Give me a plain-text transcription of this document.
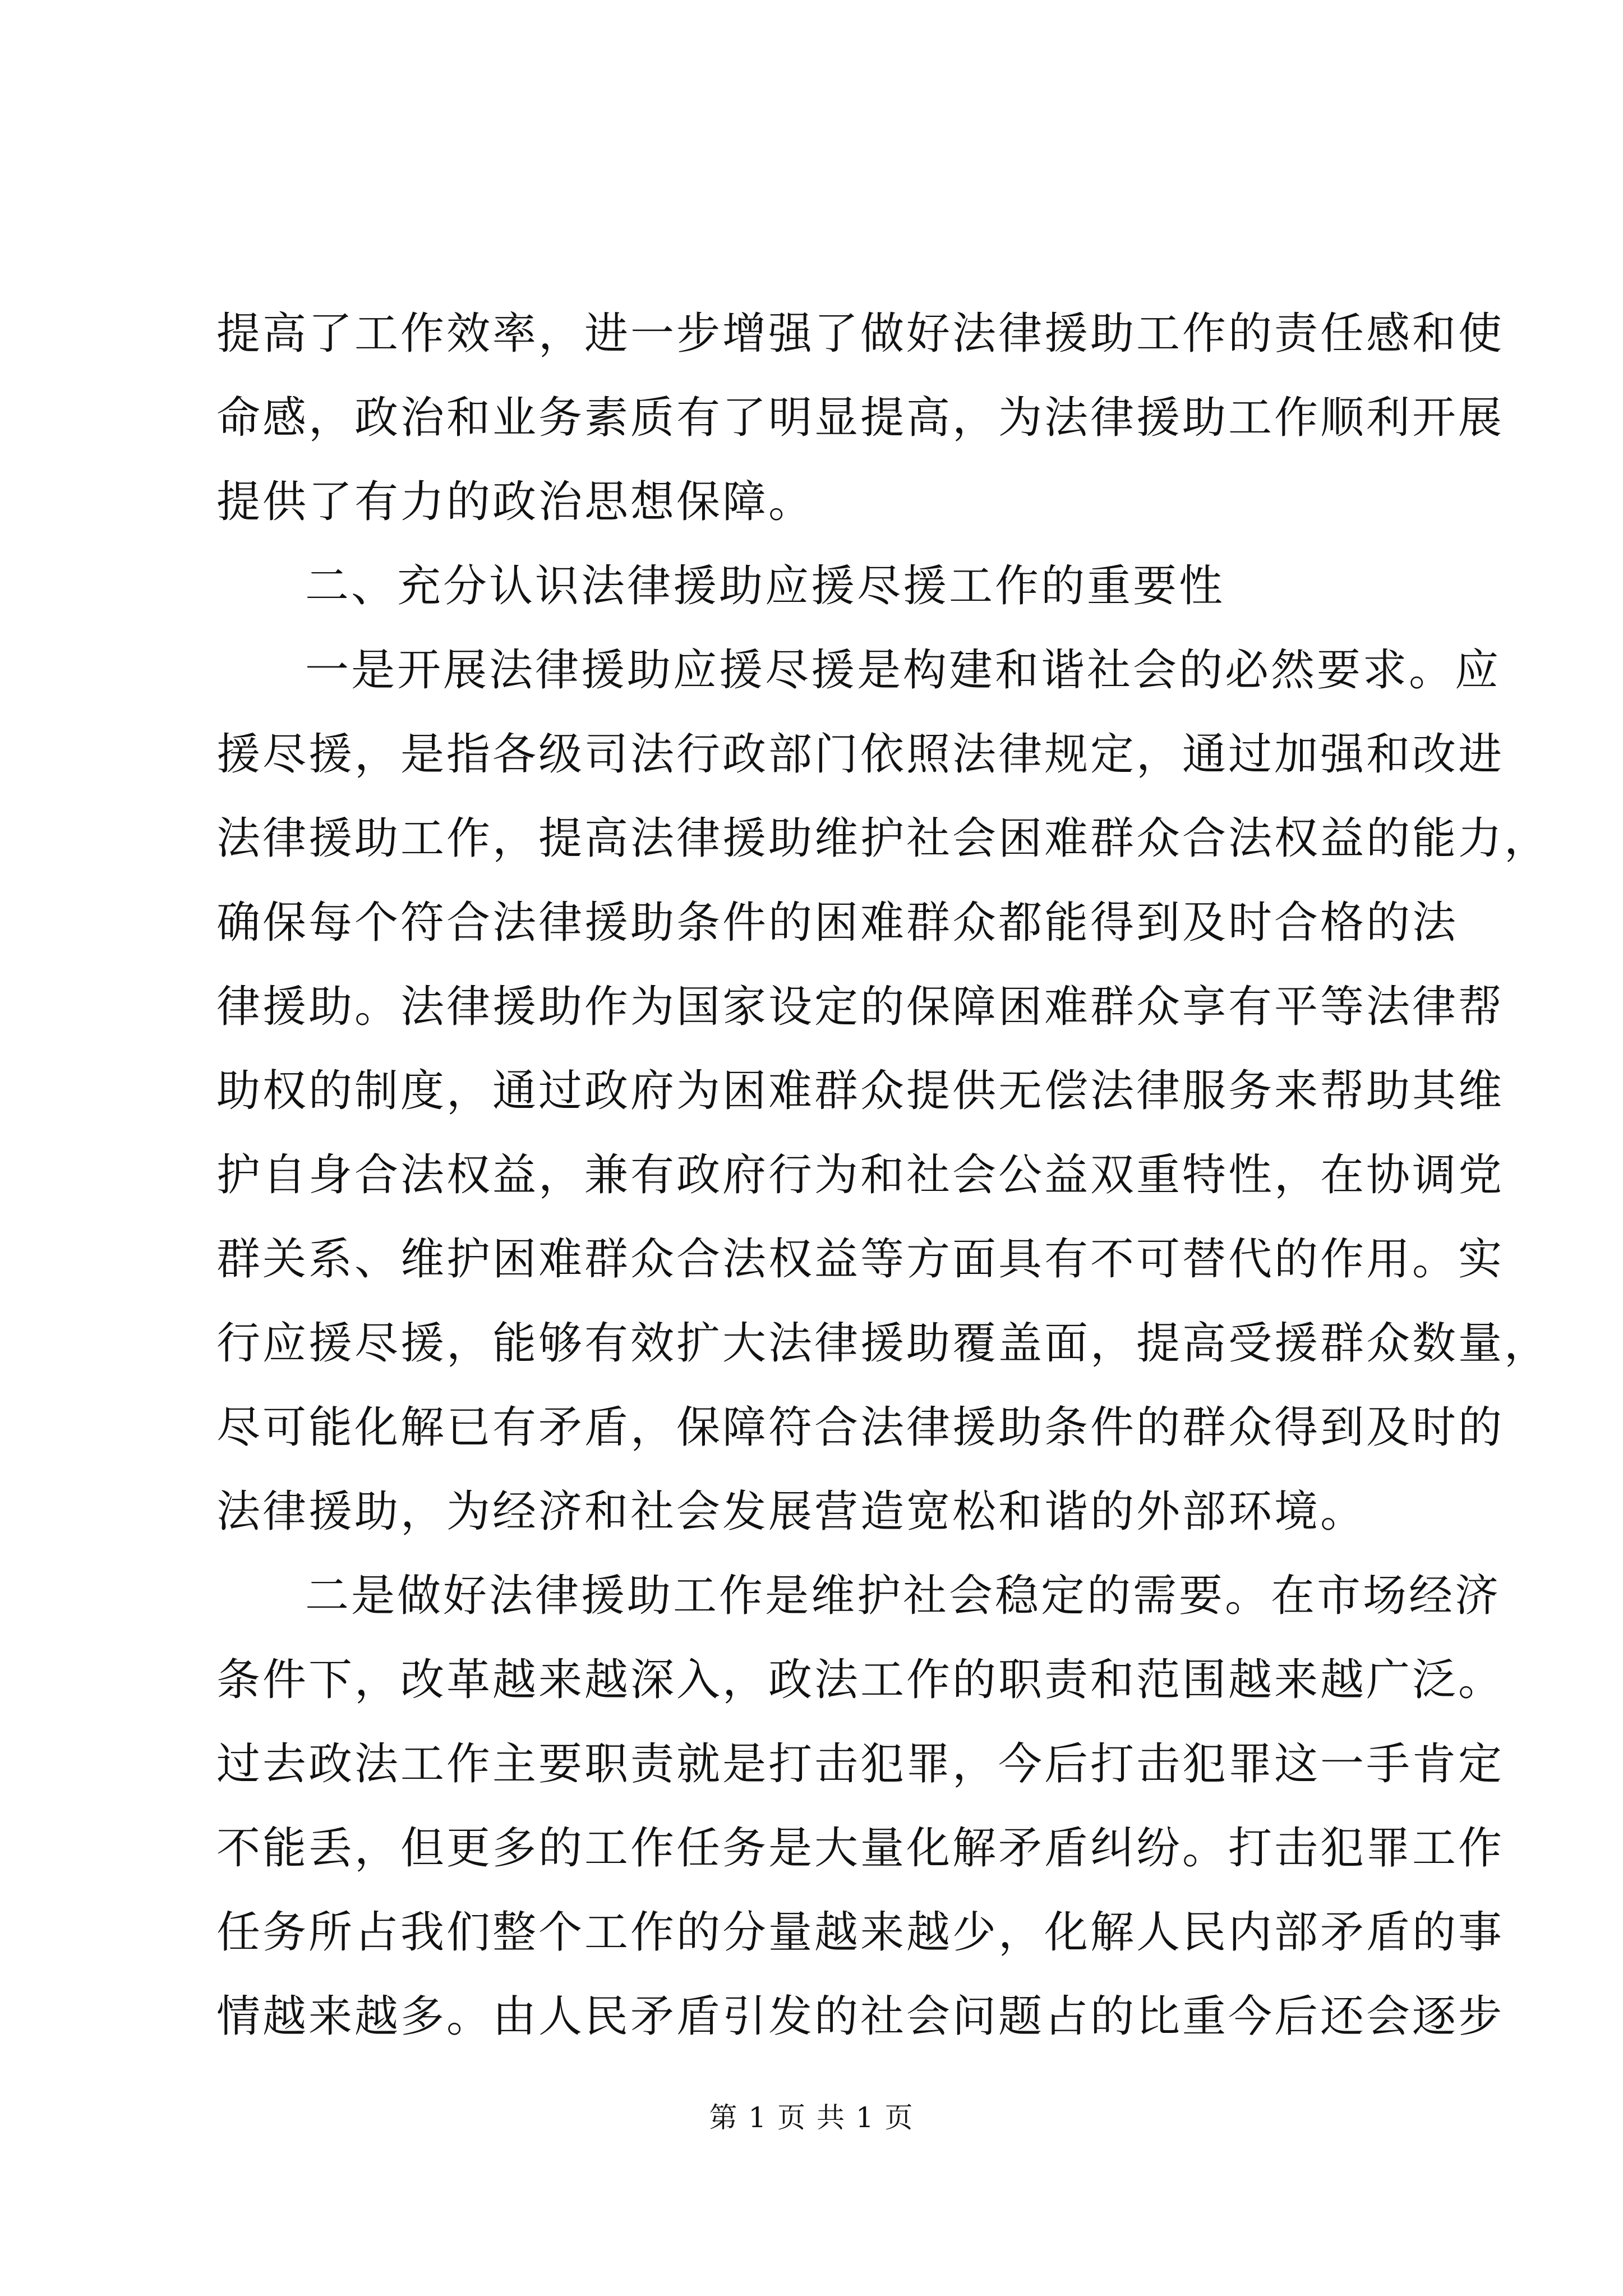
提高了工作效率，进一步增强了做好法律援助工作的责任感和使
命感，政治和业务素质有了明显提高，为法律援助工作顺利开展
提供了有力的政治思想保障。
二、充分认识法律援助应援尽援工作的重要性
一是开展法律援助应援尽援是构建和谐社会的必然要求。应
援尽援，是指各级司法行政部门依照法律规定，通过加强和改进
法律援助工作，提高法律援助维护社会困难群众合法权益的能力，
确保每个符合法律援助条件的困难群众都能得到及时合格的法
律援助。法律援助作为国家设定的保障困难群众享有平等法律帮
助权的制度，通过政府为困难群众提供无偿法律服务来帮助其维
护自身合法权益，兼有政府行为和社会公益双重特性，在协调党
群关系、维护困难群众合法权益等方面具有不可替代的作用。实
行应援尽援，能够有效扩大法律援助覆盖面，提高受援群众数量，
尽可能化解已有矛盾，保障符合法律援助条件的群众得到及时的
法律援助，为经济和社会发展营造宽松和谐的外部环境。
二是做好法律援助工作是维护社会稳定的需要。在市场经济
条件下，改革越来越深入，政法工作的职责和范围越来越广泛。
过去政法工作主要职责就是打击犯罪，今后打击犯罪这一手肯定
不能丢，但更多的工作任务是大量化解矛盾纠纷。打击犯罪工作
任务所占我们整个工作的分量越来越少，化解人民内部矛盾的事
情越来越多。由人民矛盾引发的社会问题占的比重今后还会逐步
第 1 页 共 1 页
